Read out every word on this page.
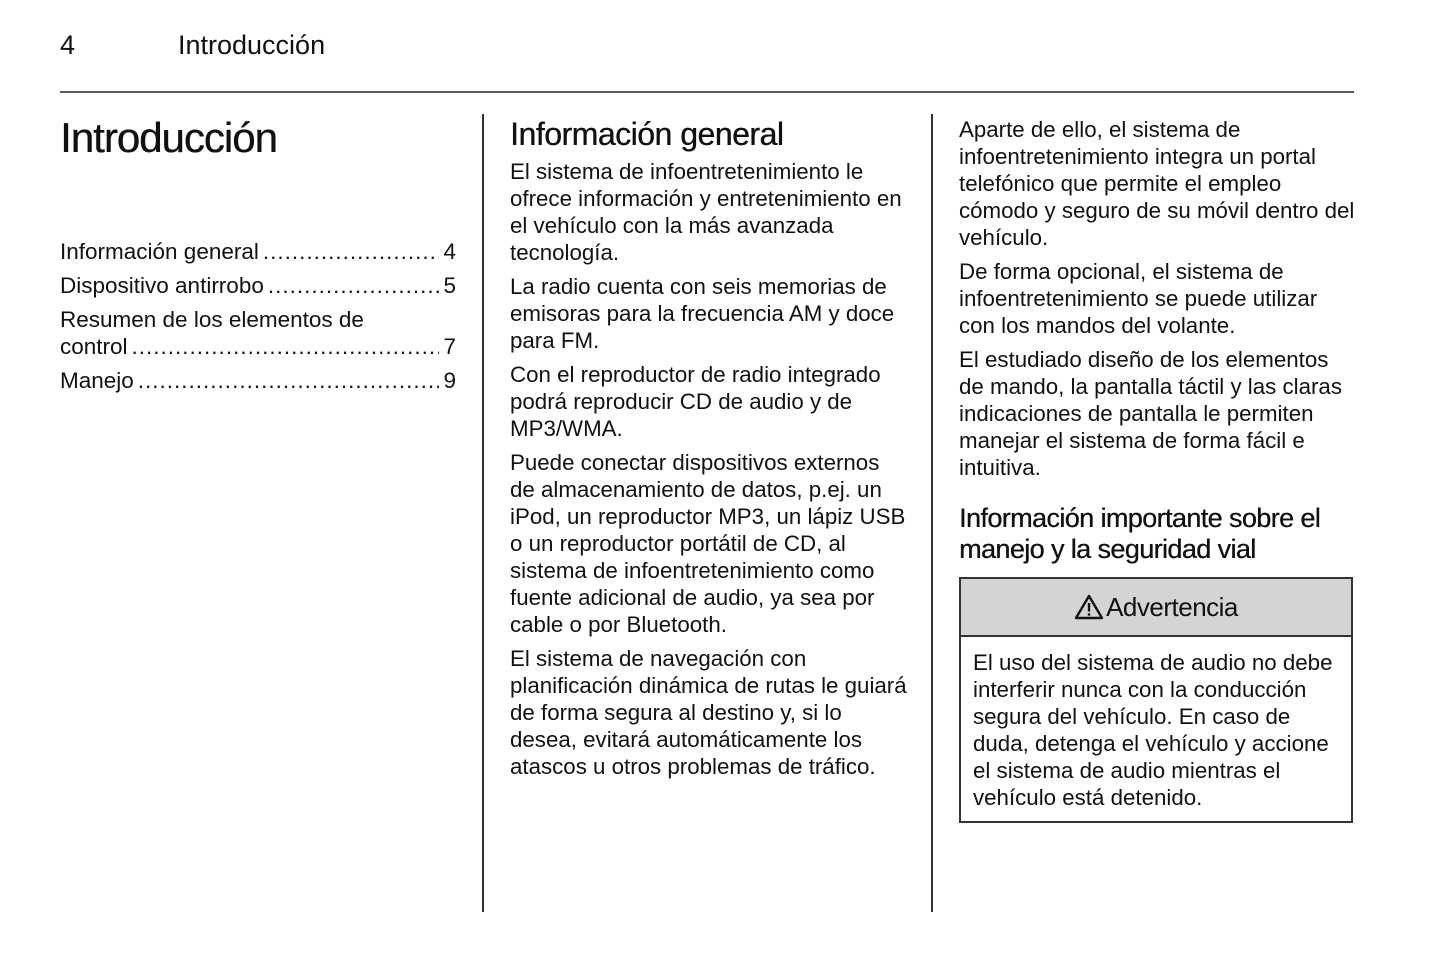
4	Introducción
Introducción
Información general .....	4
Dispositivo antirrobo .....	5
Resumen de los elementos de
control .....	7
Manejo .....	9
Información general

El sistema de infoentretenimiento le ofrece información y entretenimiento en el vehículo con la más avanzada tecnología.

La radio cuenta con seis memorias de emisoras para la frecuencia AM y doce para FM.

Con el reproductor de radio integrado podrá reproducir CD de audio y de MP3/WMA.

Puede conectar dispositivos externos de almacenamiento de datos, p.ej. un iPod, un reproductor MP3, un lápiz USB o un reproductor portátil de CD, al sistema de infoentretenimiento como fuente adicional de audio, ya sea por cable o por Bluetooth.

El sistema de navegación con planificación dinámica de rutas le guiará de forma segura al destino y, si lo desea, evitará automáticamente los atascos u otros problemas de tráfico.

Aparte de ello, el sistema de infoentretenimiento integra un portal telefónico que permite el empleo cómodo y seguro de su móvil dentro del vehículo.

De forma opcional, el sistema de infoentretenimiento se puede utilizar con los mandos del volante.

El estudiado diseño de los elementos de mando, la pantalla táctil y las claras indicaciones de pantalla le permiten manejar el sistema de forma fácil e intuitiva.

Información importante sobre el manejo y la seguridad vial
Advertencia
El uso del sistema de audio no debe interferir nunca con la conducción segura del vehículo. En caso de duda, detenga el vehículo y accione el sistema de audio mientras el vehículo está detenido.
